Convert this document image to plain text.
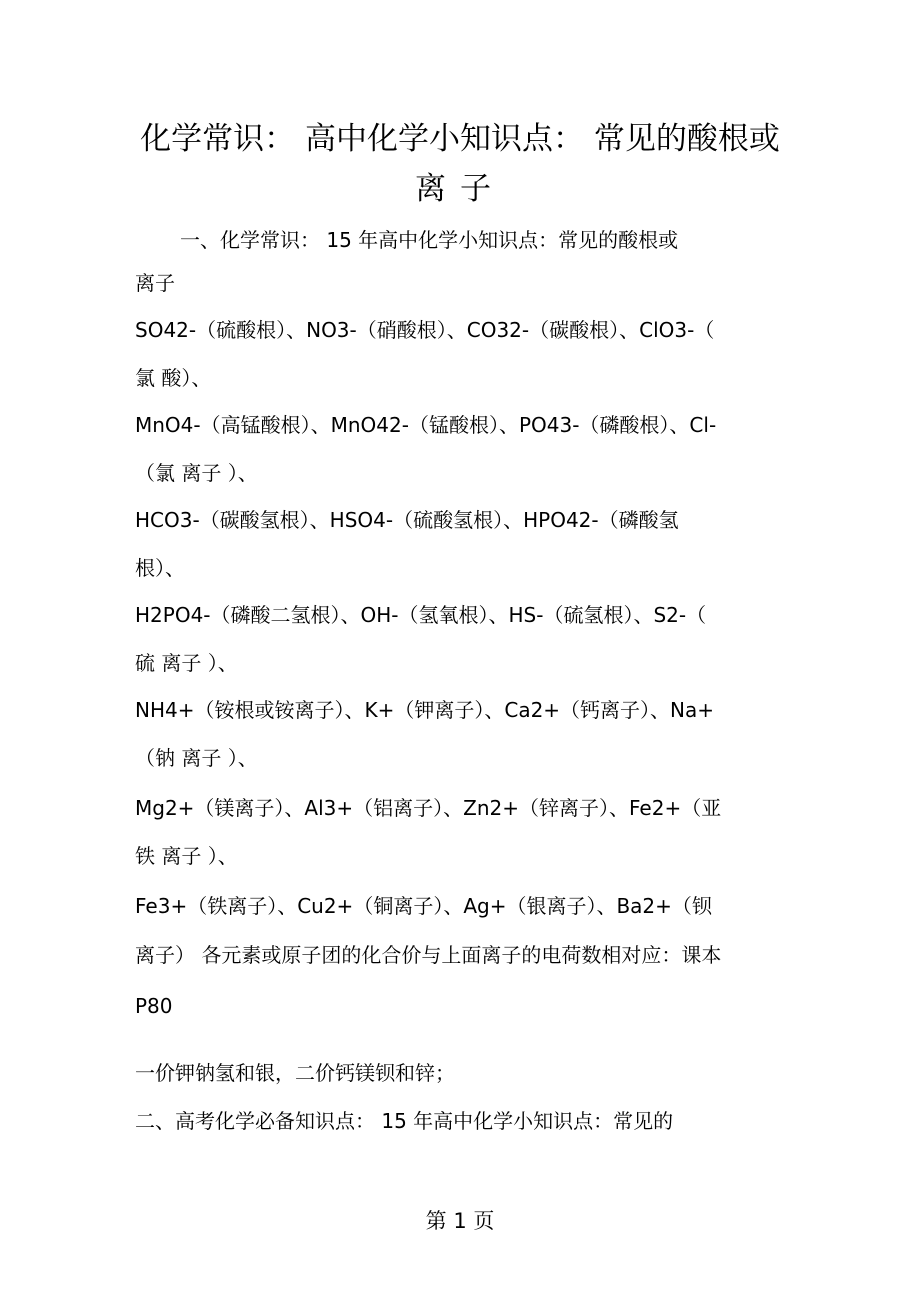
化学常识： 高中化学小知识点： 常见的酸根或
离子
一、化学常识： 15 年高中化学小知识点：常见的酸根或
离子
SO42-（硫酸根）、NO3-（硝酸根）、CO32-（碳酸根）、ClO3-（
氯 酸）、
MnO4-（高锰酸根）、MnO42-（锰酸根）、PO43-（磷酸根）、Cl-
（氯 离子 ）、
HCO3-（碳酸氢根）、HSO4-（硫酸氢根）、HPO42-（磷酸氢
根）、
H2PO4-（磷酸二氢根）、OH-（氢氧根）、HS-（硫氢根）、S2-（
硫 离子 ）、
NH4+（铵根或铵离子）、K+（钾离子）、Ca2+（钙离子）、Na+
（钠 离子 ）、
Mg2+（镁离子）、Al3+（铝离子）、Zn2+（锌离子）、Fe2+（亚
铁 离子 ）、
Fe3+（铁离子）、Cu2+（铜离子）、Ag+（银离子）、Ba2+（钡
离子） 各元素或原子团的化合价与上面离子的电荷数相对应：课本
P80
一价钾钠氢和银，二价钙镁钡和锌；
二、高考化学必备知识点： 15 年高中化学小知识点：常见的
第 1 页
